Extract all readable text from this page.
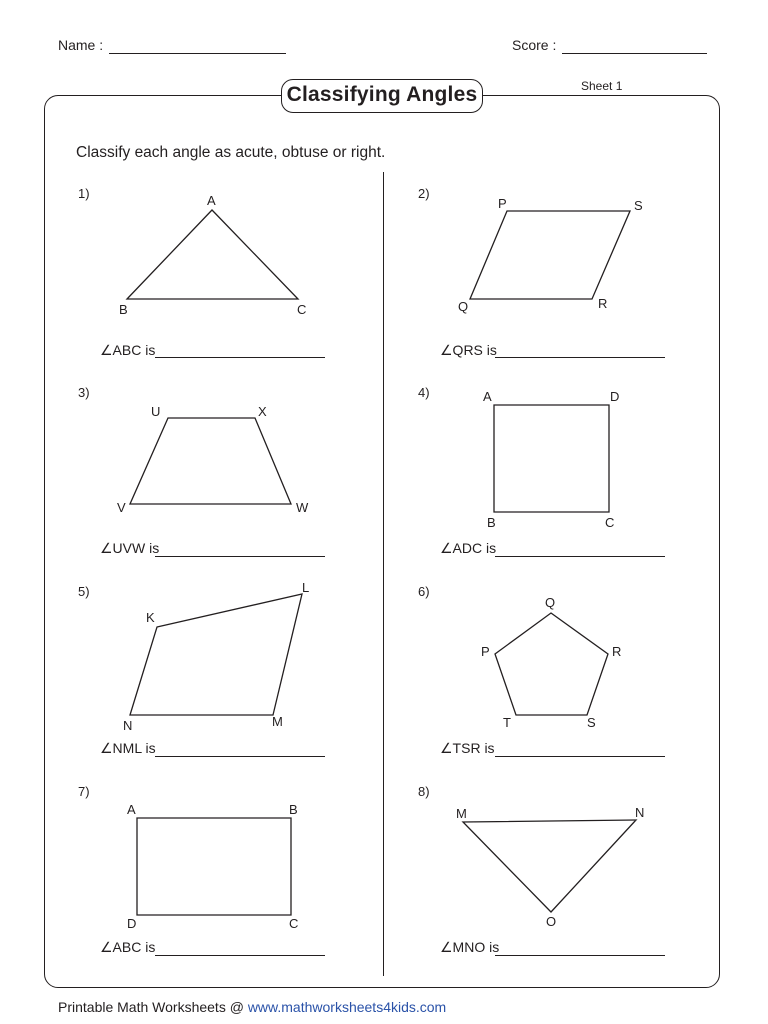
Name :	Score :
Classifying Angles	Sheet 1
Classify each angle as acute, obtuse or right.
1)	A
B	C
∠ABC is
2)
P	S
R
Q
∠QRS is
3)
U	X
W
V
∠UVW is
4)	A	D
C
B
∠ADC is
5)
K
L
M
N
∠NML is
6)
Q
R
S
T
P
∠TSR is
7)
A	B
C
D
∠ABC is
8)
M	N
O
∠MNO is
Printable Math Worksheets @ www.mathworksheets4kids.com
